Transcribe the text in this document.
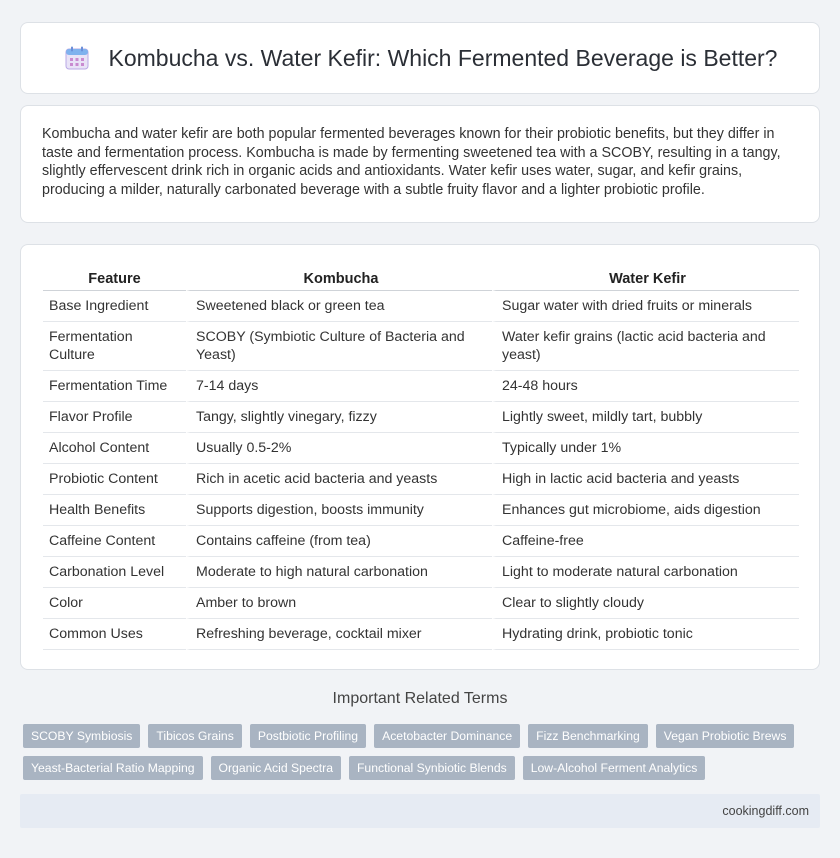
Kombucha vs. Water Kefir: Which Fermented Beverage is Better?

Kombucha and water kefir are both popular fermented beverages known for their probiotic benefits, but they differ in taste and fermentation process. Kombucha is made by fermenting sweetened tea with a SCOBY, resulting in a tangy, slightly effervescent drink rich in organic acids and antioxidants. Water kefir uses water, sugar, and kefir grains, producing a milder, naturally carbonated beverage with a subtle fruity flavor and a lighter probiotic profile.

Feature	Kombucha	Water Kefir
Base Ingredient	Sweetened black or green tea	Sugar water with dried fruits or minerals
Fermentation Culture	SCOBY (Symbiotic Culture of Bacteria and Yeast)	Water kefir grains (lactic acid bacteria and yeast)
Fermentation Time	7-14 days	24-48 hours
Flavor Profile	Tangy, slightly vinegary, fizzy	Lightly sweet, mildly tart, bubbly
Alcohol Content	Usually 0.5-2%	Typically under 1%
Probiotic Content	Rich in acetic acid bacteria and yeasts	High in lactic acid bacteria and yeasts
Health Benefits	Supports digestion, boosts immunity	Enhances gut microbiome, aids digestion
Caffeine Content	Contains caffeine (from tea)	Caffeine-free
Carbonation Level	Moderate to high natural carbonation	Light to moderate natural carbonation
Color	Amber to brown	Clear to slightly cloudy
Common Uses	Refreshing beverage, cocktail mixer	Hydrating drink, probiotic tonic
Important Related Terms
SCOBY Symbiosis	Tibicos Grains	Postbiotic Profiling	Acetobacter Dominance	Fizz Benchmarking	Vegan Probiotic Brews
Yeast-Bacterial Ratio Mapping	Organic Acid Spectra	Functional Synbiotic Blends	Low-Alcohol Ferment Analytics
cookingdiff.com
